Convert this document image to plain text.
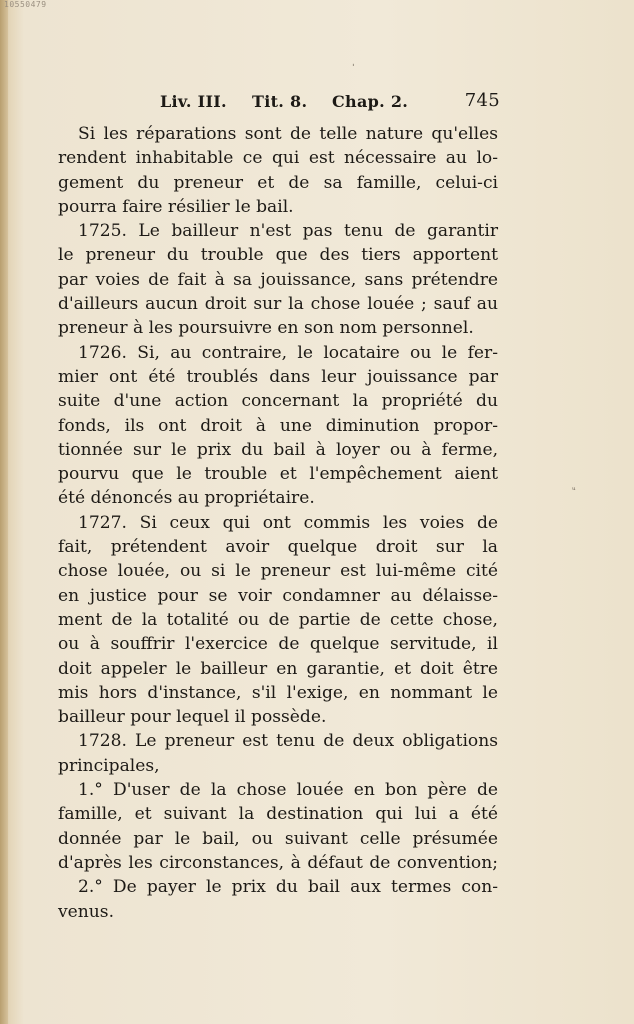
10550479
ˈ
ᵘ
Liv. III. Tit. 8. Chap. 2.	745
Si les réparations sont de telle nature qu'elles
rendent inhabitable ce qui est nécessaire au lo-
gement du preneur et de sa famille, celui-ci
pourra faire résilier le bail.
1725. Le bailleur n'est pas tenu de garantir
le preneur du trouble que des tiers apportent
par voies de fait à sa jouissance, sans prétendre
d'ailleurs aucun droit sur la chose louée ; sauf au
preneur à les poursuivre en son nom personnel.
1726. Si, au contraire, le locataire ou le fer-
mier ont été troublés dans leur jouissance par
suite d'une action concernant la propriété du
fonds, ils ont droit à une diminution propor-
tionnée sur le prix du bail à loyer ou à ferme,
pourvu que le trouble et l'empêchement aient
été dénoncés au propriétaire.
1727. Si ceux qui ont commis les voies de
fait, prétendent avoir quelque droit sur la
chose louée, ou si le preneur est lui-même cité
en justice pour se voir condamner au délaisse-
ment de la totalité ou de partie de cette chose,
ou à souffrir l'exercice de quelque servitude, il
doit appeler le bailleur en garantie, et doit être
mis hors d'instance, s'il l'exige, en nommant le
bailleur pour lequel il possède.
1728. Le preneur est tenu de deux obligations
principales,
1.° D'user de la chose louée en bon père de
famille, et suivant la destination qui lui a été
donnée par le bail, ou suivant celle présumée
d'après les circonstances, à défaut de convention;
2.° De payer le prix du bail aux termes con-
venus.
